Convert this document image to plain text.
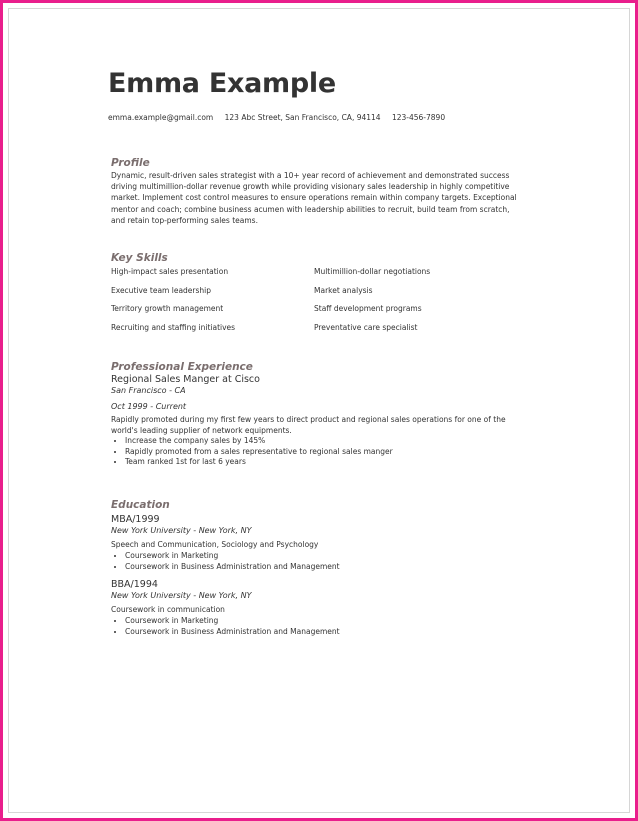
Emma Example
emma.example@gmail.com 123 Abc Street, San Francisco, CA, 94114 123-456-7890
Profile

Dynamic, result-driven sales strategist with a 10+ year record of achievement and demonstrated success driving multimillion-dollar revenue growth while providing visionary sales leadership in highly competitive market. Implement cost control measures to ensure operations remain within company targets. Exceptional mentor and coach; combine business acumen with leadership abilities to recruit, build team from scratch, and retain top-performing sales teams.

Key Skills
High-impact sales presentation	Multimillion-dollar negotiations
Executive team leadership	Market analysis
Territory growth management	Staff development programs
Recruiting and staffing initiatives	Preventative care specialist
Professional Experience

Regional Sales Manger at Cisco

San Francisco - CA

Oct 1999 - Current

Rapidly promoted during my first few years to direct product and regional sales operations for one of the world's leading supplier of network equipments.

• Increase the company sales by 145%
• Rapidly promoted from a sales representative to regional sales manger
• Team ranked 1st for last 6 years
Education

MBA/1999

New York University - New York, NY

Speech and Communication, Sociology and Psychology

• Coursework in Marketing
• Coursework in Business Administration and Management

BBA/1994

New York University - New York, NY

Coursework in communication

• Coursework in Marketing
• Coursework in Business Administration and Management
